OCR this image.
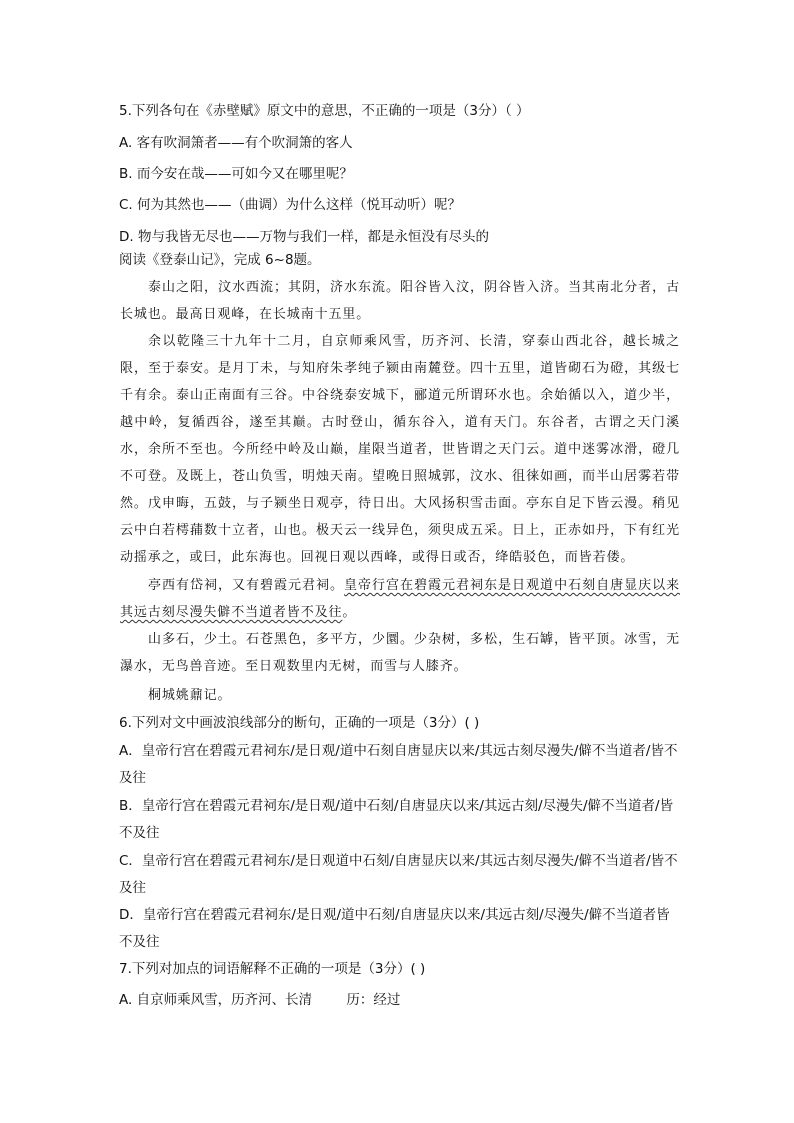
5.下列各句在《赤壁赋》原文中的意思，不正确的一项是（3分）（ ）
A. 客有吹洞箫者——有个吹洞箫的客人
B. 而今安在哉——可如今又在哪里呢？
C. 何为其然也——（曲调）为什么这样（悦耳动听）呢？
D. 物与我皆无尽也——万物与我们一样，都是永恒没有尽头的
阅读《登泰山记》，完成 6~8题。
泰山之阳，汶水西流；其阴，济水东流。阳谷皆入汶，阴谷皆入济。当其南北分者，古长城也。最高日观峰，在长城南十五里。
余以乾隆三十九年十二月，自京师乘风雪，历齐河、长清，穿泰山西北谷，越长城之限，至于泰安。是月丁未，与知府朱孝纯子颍由南麓登。四十五里，道皆砌石为磴，其级七千有余。泰山正南面有三谷。中谷绕泰安城下，郦道元所谓环水也。余始循以入，道少半，越中岭，复循西谷，遂至其巅。古时登山，循东谷入，道有天门。东谷者，古谓之天门溪水，余所不至也。今所经中岭及山巅，崖限当道者，世皆谓之天门云。道中迷雾冰滑，磴几不可登。及既上，苍山负雪，明烛天南。望晚日照城郭，汶水、徂徕如画，而半山居雾若带然。 戊申晦，五鼓，与子颍坐日观亭，待日出。大风扬积雪击面。亭东自足下皆云漫。稍见云中白若樗蒱数十立者，山也。极天云一线异色，须臾成五采。日上，正赤如丹，下有红光动摇承之，或曰，此东海也。回视日观以西峰，或得日或否，绛皓驳色，而皆若偻。
亭西有岱祠，又有碧霞元君祠。皇帝行宫在碧霞元君祠东是日观道中石刻自唐显庆以来其远古刻尽漫失僻不当道者皆不及往。
山多石，少土。石苍黑色，多平方，少圜。少杂树，多松，生石罅，皆平顶。冰雪，无瀑水，无鸟兽音迹。至日观数里内无树，而雪与人膝齐。
桐城姚鼐记。
6.下列对文中画波浪线部分的断句，正确的一项是（3分）( )
A．皇帝行宫在碧霞元君祠东/是日观/道中石刻自唐显庆以来/其远古刻尽漫失/僻不当道者/皆不及往
B．皇帝行宫在碧霞元君祠东/是日观/道中石刻/自唐显庆以来/其远古刻/尽漫失/僻不当道者/皆不及往
C．皇帝行宫在碧霞元君祠东/是日观道中石刻/自唐显庆以来/其远古刻尽漫失/僻不当道者/皆不及往
D．皇帝行宫在碧霞元君祠东/是日观/道中石刻/自唐显庆以来/其远古刻/尽漫失/僻不当道者皆不及往
7.下列对加点的词语解释不正确的一项是（3分）( )
A. 自京师乘风雪，历齐河、长清        历：经过
